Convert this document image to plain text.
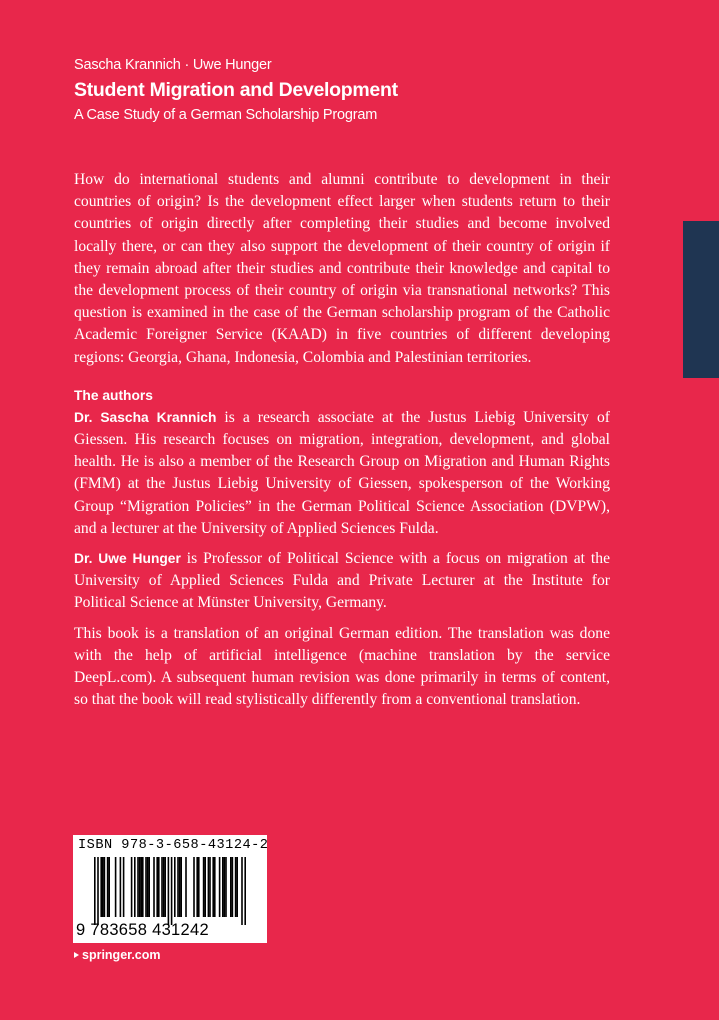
Sascha Krannich · Uwe Hunger
Student Migration and Development
A Case Study of a German Scholarship Program

How do international students and alumni contribute to development in their countries of origin? Is the development effect larger when students return to their countries of origin directly after completing their studies and become involved locally there, or can they also support the development of their country of origin if they remain abroad after their studies and contribute their knowledge and capital to the development process of their country of origin via transnational networks? This question is examined in the case of the German scholarship program of the Catholic Academic Foreigner Service (KAAD) in five countries of different developing regions: Georgia, Ghana, Indonesia, Colombia and Palestinian territories.

The authors

Dr. Sascha Krannich is a research associate at the Justus Liebig University of Giessen. His research focuses on migration, integration, development, and global health. He is also a member of the Research Group on Migration and Human Rights (FMM) at the Justus Liebig University of Giessen, spokesperson of the Working Group “Migration Policies” in the German Political Science Association (DVPW), and a lecturer at the University of Applied Sciences Fulda.

Dr. Uwe Hunger is Professor of Political Science with a focus on migration at the University of Applied Sciences Fulda and Private Lecturer at the Institute for Political Science at Münster University, Germany.

This book is a translation of an original German edition. The translation was done with the help of artificial intelligence (machine translation by the service DeepL.com). A subsequent human revision was done primarily in terms of content, so that the book will read stylistically differently from a conventional translation.

ISBN 978-3-658-43124-2
9 783658 431242
springer.com
